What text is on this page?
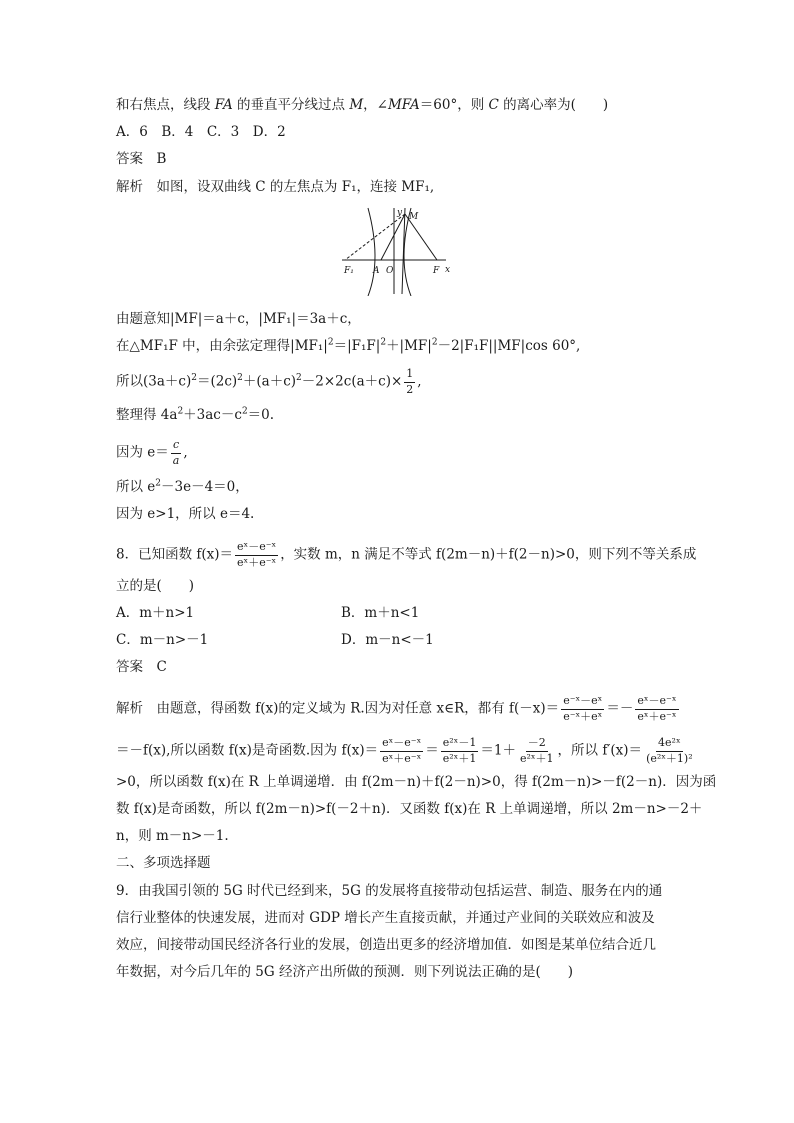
和右焦点，线段 FA 的垂直平分线过点 M，∠MFA＝60°，则 C 的离心率为(　　)
A．6　B．4　C．3　D．2
答案　 B
解析　 如图，设双曲线 C 的左焦点为 F₁，连接 MF₁,
y M
F₁ A O	F x
由题意知|MF|＝a＋c，|MF₁|＝3a＋c，
在△MF₁F 中，由余弦定理得$|MF_1|^2=|F_1F|^2+|MF|^2-2|F_1F||MF|\cos$ 60°,
所以$(3a+c)^2=(2c)^2+(a+c)^2-2\times 2c(a+c)\times \frac{1}{2}$ ,
整理得 $4a^2+3ac-c^2=0$.
因为 $e= \frac{c}{a}$ ,
所以 $e^2-3e-4=0$，
因为 e>1，所以 e＝4.
8．已知函数 $f(x)= \frac{\text{eˣ－e⁻ˣ}}{\text{eˣ＋e⁻ˣ}}$ ，实数 m，n 满足不等式 f(2m－n)＋f(2－n)>0，则下列不等关系成
立的是(　　)
A．m＋n>1	B．m＋n<1
C．m－n>－1	D．m－n<－1
答案　 C
解析　 由题意，得函数 f(x)的定义域为 R.因为对任意 x∈R，都有 $f(-x)= \frac{\text{e⁻ˣ－eˣ}}{\text{e⁻ˣ＋eˣ}} =- \frac{\text{eˣ－e⁻ˣ}}{\text{eˣ＋e⁻ˣ}}$
＝－f(x),所以函数 f(x)是奇函数.因为 $f(x)= \frac{\text{eˣ－e⁻ˣ}}{\text{eˣ＋e⁻ˣ}} = \frac{\text{e²ˣ－1}}{\text{e²ˣ＋1}} =1+ \frac{-2}{\text{e²ˣ＋1}}$ ，所以 $f'(x)= \frac{\text{4e²ˣ}}{\text{(e²ˣ＋1)²}}$
>0，所以函数 f(x)在 R 上单调递增．由 f(2m－n)＋f(2－n)>0，得 f(2m－n)>－f(2－n)．因为函
数 f(x)是奇函数，所以 f(2m－n)>f(－2＋n)．又函数 f(x)在 R 上单调递增，所以 2m－n>－2＋
n，则 m－n>－1.
二、多项选择题
9．由我国引领的 5G 时代已经到来，5G 的发展将直接带动包括运营、制造、服务在内的通
信行业整体的快速发展，进而对 GDP 增长产生直接贡献，并通过产业间的关联效应和波及
效应，间接带动国民经济各行业的发展，创造出更多的经济增加值．如图是某单位结合近几
年数据，对今后几年的 5G 经济产出所做的预测．则下列说法正确的是(　　)
